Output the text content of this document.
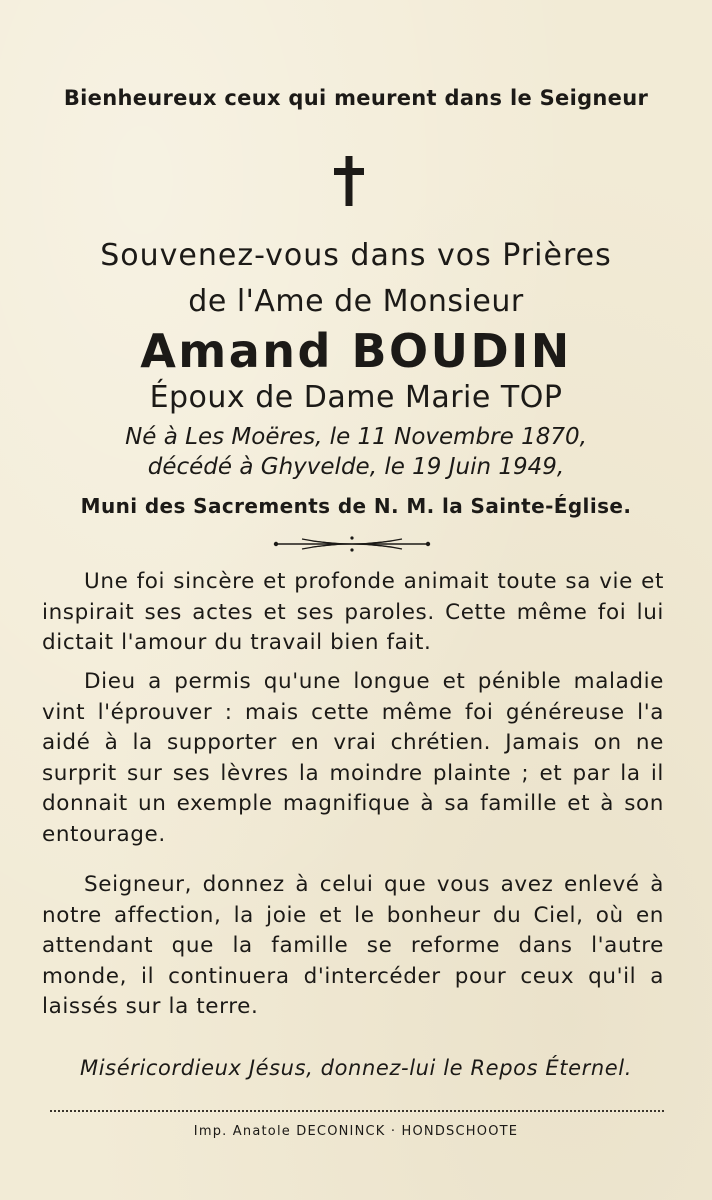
Bienheureux ceux qui meurent dans le Seigneur
Souvenez-vous dans vos Prières
de l'Ame de Monsieur
Amand BOUDIN
Époux de Dame Marie TOP
Né à Les Moëres, le 11 Novembre 1870,
décédé à Ghyvelde, le 19 Juin 1949,
Muni des Sacrements de N. M. la Sainte-Église.
Une foi sincère et profonde animait toute sa vie et inspirait ses actes et ses paroles. Cette même foi lui dictait l'amour du travail bien fait.
Dieu a permis qu'une longue et pénible maladie vint l'éprouver : mais cette même foi généreuse l'a aidé à la supporter en vrai chrétien. Jamais on ne surprit sur ses lèvres la moindre plainte ; et par la il donnait un exemple magnifique à sa famille et à son entourage.
Seigneur, donnez à celui que vous avez enlevé à notre affection, la joie et le bonheur du Ciel, où en attendant que la famille se reforme dans l'autre monde, il continuera d'intercéder pour ceux qu'il a laissés sur la terre.
Miséricordieux Jésus, donnez-lui le Repos Éternel.
Imp. Anatole DECONINCK · HONDSCHOOTE
